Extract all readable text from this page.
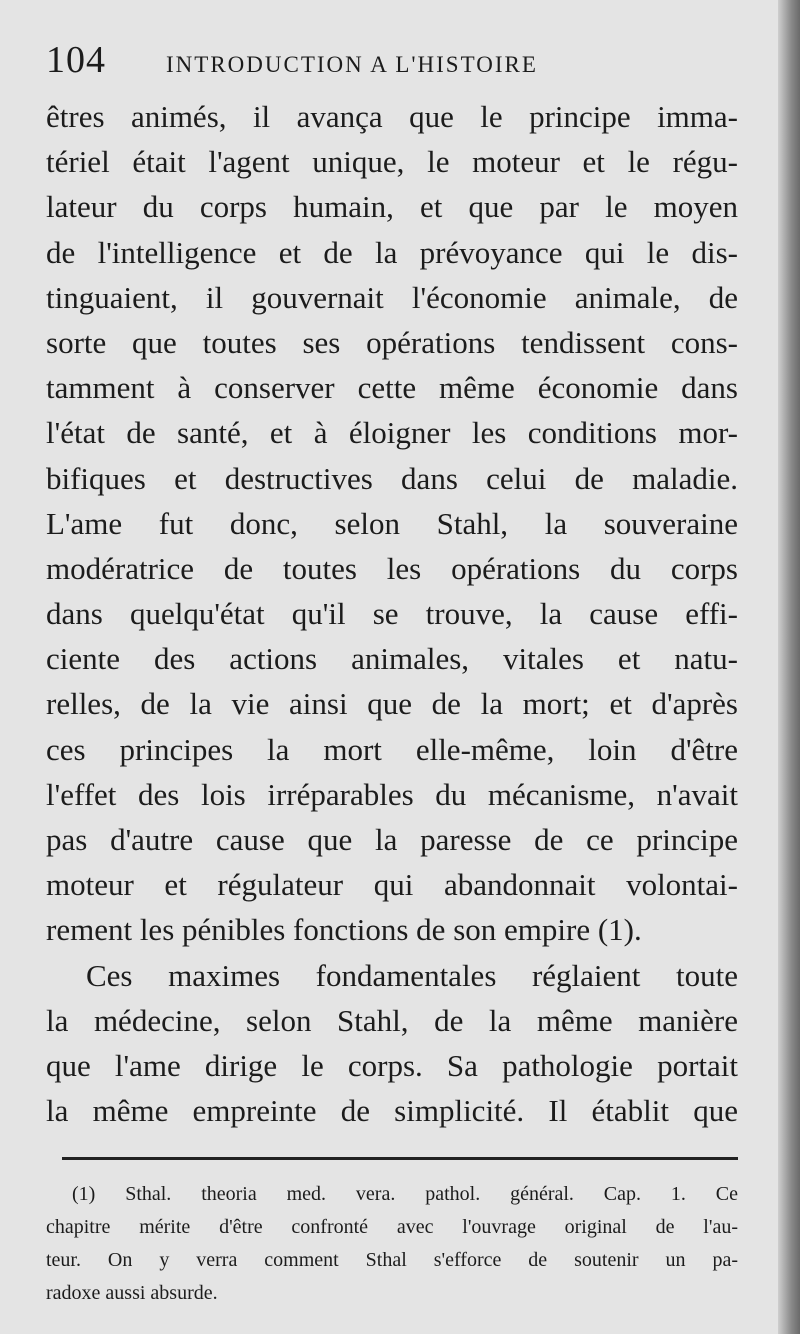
104	INTRODUCTION A L'HISTOIRE
êtres animés, il avança que le principe imma-
tériel était l'agent unique, le moteur et le régu-
lateur du corps humain, et que par le moyen
de l'intelligence et de la prévoyance qui le dis-
tinguaient, il gouvernait l'économie animale, de
sorte que toutes ses opérations tendissent cons-
tamment à conserver cette même économie dans
l'état de santé, et à éloigner les conditions mor-
bifiques et destructives dans celui de maladie.
L'ame fut donc, selon Stahl, la souveraine
modératrice de toutes les opérations du corps
dans quelqu'état qu'il se trouve, la cause effi-
ciente des actions animales, vitales et natu-
relles, de la vie ainsi que de la mort; et d'après
ces principes la mort elle-même, loin d'être
l'effet des lois irréparables du mécanisme, n'avait
pas d'autre cause que la paresse de ce principe
moteur et régulateur qui abandonnait volontai-
rement les pénibles fonctions de son empire (1).
Ces maximes fondamentales réglaient toute
la médecine, selon Stahl, de la même manière
que l'ame dirige le corps. Sa pathologie portait
la même empreinte de simplicité. Il établit que
(1) Sthal. theoria med. vera. pathol. général. Cap. 1. Ce
chapitre mérite d'être confronté avec l'ouvrage original de l'au-
teur. On y verra comment Sthal s'efforce de soutenir un pa-
radoxe aussi absurde.
